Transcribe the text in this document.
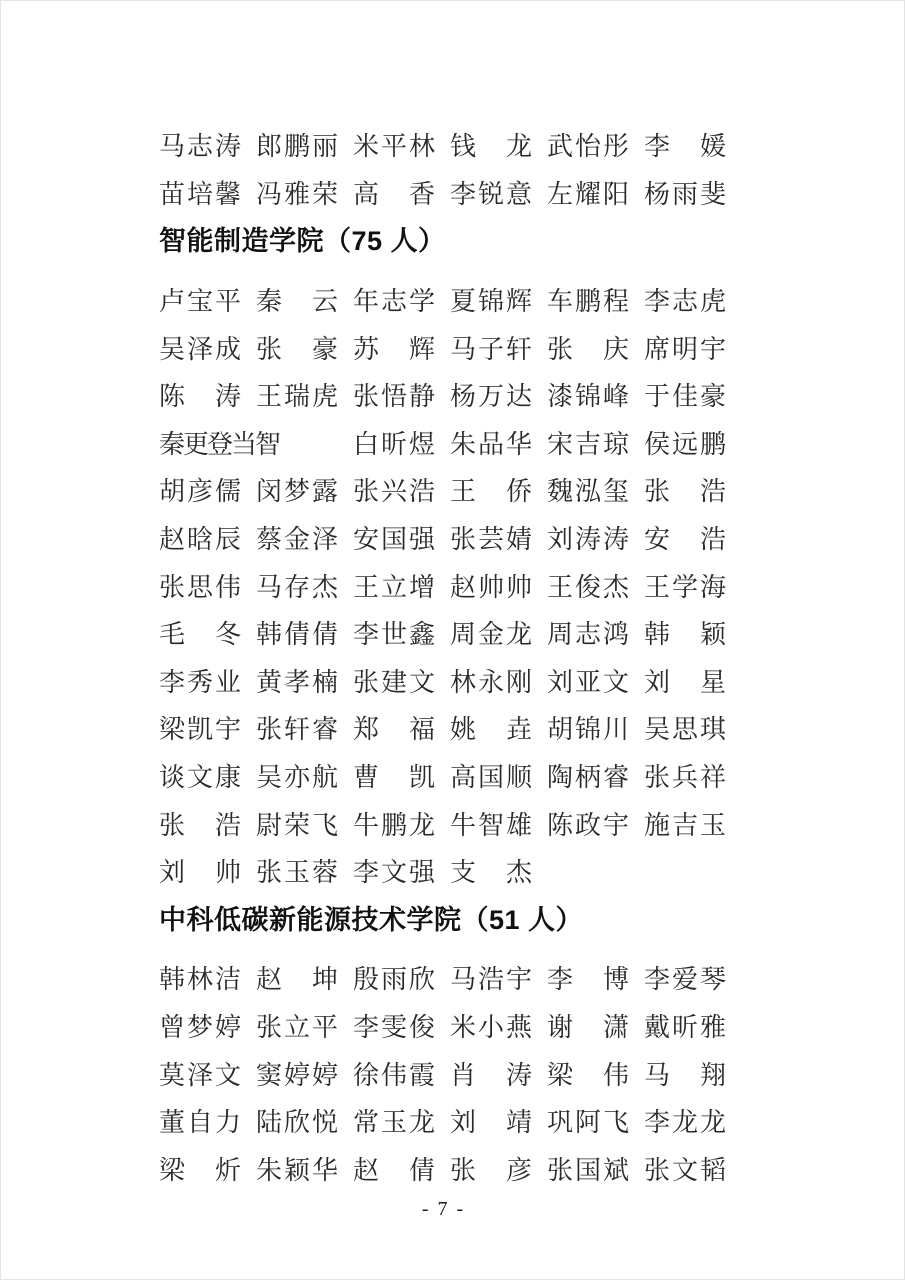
马 志 涛 郎 鹏 丽 米 平 林 钱 龙 武 怡 彤 李 媛
苗 培 馨 冯 雅 荣 高 香 李 锐 意 左 耀 阳 杨 雨 斐
智能制造学院（75 人）
卢 宝 平 秦 云 年 志 学 夏 锦 辉 车 鹏 程 李 志 虎
吴 泽 成 张 豪 苏 辉 马 子 轩 张 庆 席 明 宇
陈 涛 王 瑞 虎 张 悟 静 杨 万 达 漆 锦 峰 于 佳 豪
秦更登当智	白 昕 煜 朱 品 华 宋 吉 琼 侯 远 鹏
胡 彦 儒 闵 梦 露 张 兴 浩 王 侨 魏 泓 玺 张 浩
赵 晗 辰 蔡 金 泽 安 国 强 张 芸 婧 刘 涛 涛 安 浩
张 思 伟 马 存 杰 王 立 增 赵 帅 帅 王 俊 杰 王 学 海
毛 冬 韩 倩 倩 李 世 鑫 周 金 龙 周 志 鸿 韩 颖
李 秀 业 黄 孝 楠 张 建 文 林 永 刚 刘 亚 文 刘 星
梁 凯 宇 张 轩 睿 郑 福 姚 垚 胡 锦 川 吴 思 琪
谈 文 康 吴 亦 航 曹 凯 高 国 顺 陶 柄 睿 张 兵 祥
张 浩 尉 荣 飞 牛 鹏 龙 牛 智 雄 陈 政 宇 施 吉 玉
刘 帅 张 玉 蓉 李 文 强 支 杰
中科低碳新能源技术学院（51 人）
韩 林 洁 赵 坤 殷 雨 欣 马 浩 宇 李 博 李 爱 琴
曾 梦 婷 张 立 平 李 雯 俊 米 小 燕 谢 潇 戴 昕 雅
莫 泽 文 窦 婷 婷 徐 伟 霞 肖 涛 梁 伟 马 翔
董 自 力 陆 欣 悦 常 玉 龙 刘 靖 巩 阿 飞 李 龙 龙
梁 炘 朱 颖 华 赵 倩 张 彦 张 国 斌 张 文 韬
- 7 -
